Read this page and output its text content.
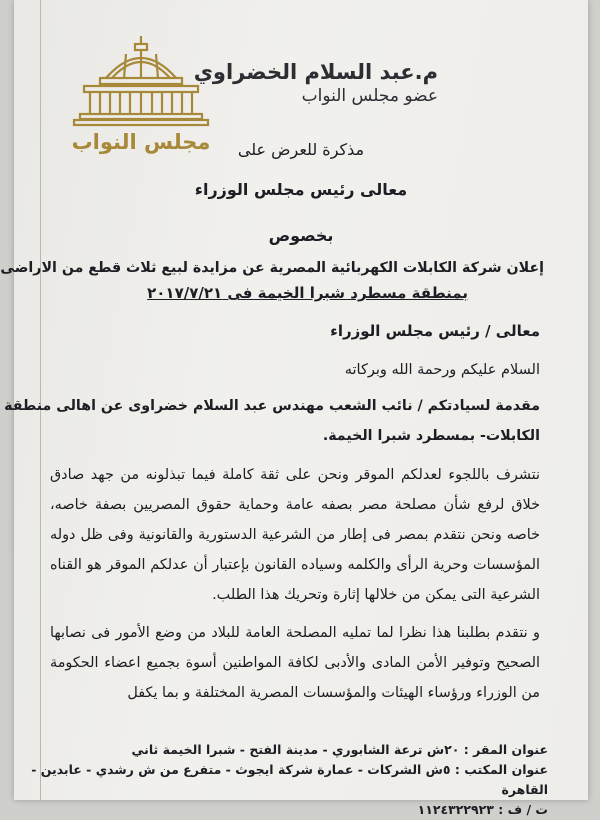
مجلس النواب
م.عبد السلام الخضراوي
عضو مجلس النواب
مذكرة للعرض على
معالى رئيس مجلس الوزراء
بخصوص
إعلان شركة الكابلات الكهربائية المصرية عن مزايدة لبيع ثلاث قطع من الاراضى
بمنطقة مسطرد شبرا الخيمة فى ٢٠١٧/٧/٢١
معالى / رئيس مجلس الوزراء
السلام عليكم ورحمة الله وبركاته
مقدمة لسيادتكم / نائب الشعب مهندس عبد السلام خضراوى عن اهالى منطقة
الكابلات- بمسطرد شبرا الخيمة.
نتشرف باللجوء لعدلكم الموقر ونحن على ثقة كاملة فيما تبذلونه من جهد صادق خلاق لرفع شأن مصلحة مصر بصفه عامة وحماية حقوق المصريين بصفة خاصه، خاصه ونحن نتقدم بمصر فى إطار من الشرعية الدستورية والقانونية وفى ظل دوله المؤسسات وحرية الرأى والكلمه وسياده القانون بإعتبار أن عدلكم الموقر هو القناه الشرعية التى يمكن من خلالها إثارة وتحريك هذا الطلب.
و نتقدم بطلبنا هذا نظرا لما تمليه المصلحة العامة للبلاد من وضع الأمور فى نصابها الصحيح وتوفير الأمن المادى والأدبى لكافة المواطنين أسوة بجميع اعضاء الحكومة من الوزراء ورؤساء الهيئات والمؤسسات المصرية المختلفة و بما يكفل
عنوان المقر : ٢٠ش ترعة الشابوري - مدينة الفتح - شبرا الخيمة ثاني
عنوان المكتب : ٥ش الشركات - عمارة شركة ايجوث - متفرع من ش رشدي - عابدين - القاهرة
ت / ف : ١١٢٤٣٢٢٩٢٣
